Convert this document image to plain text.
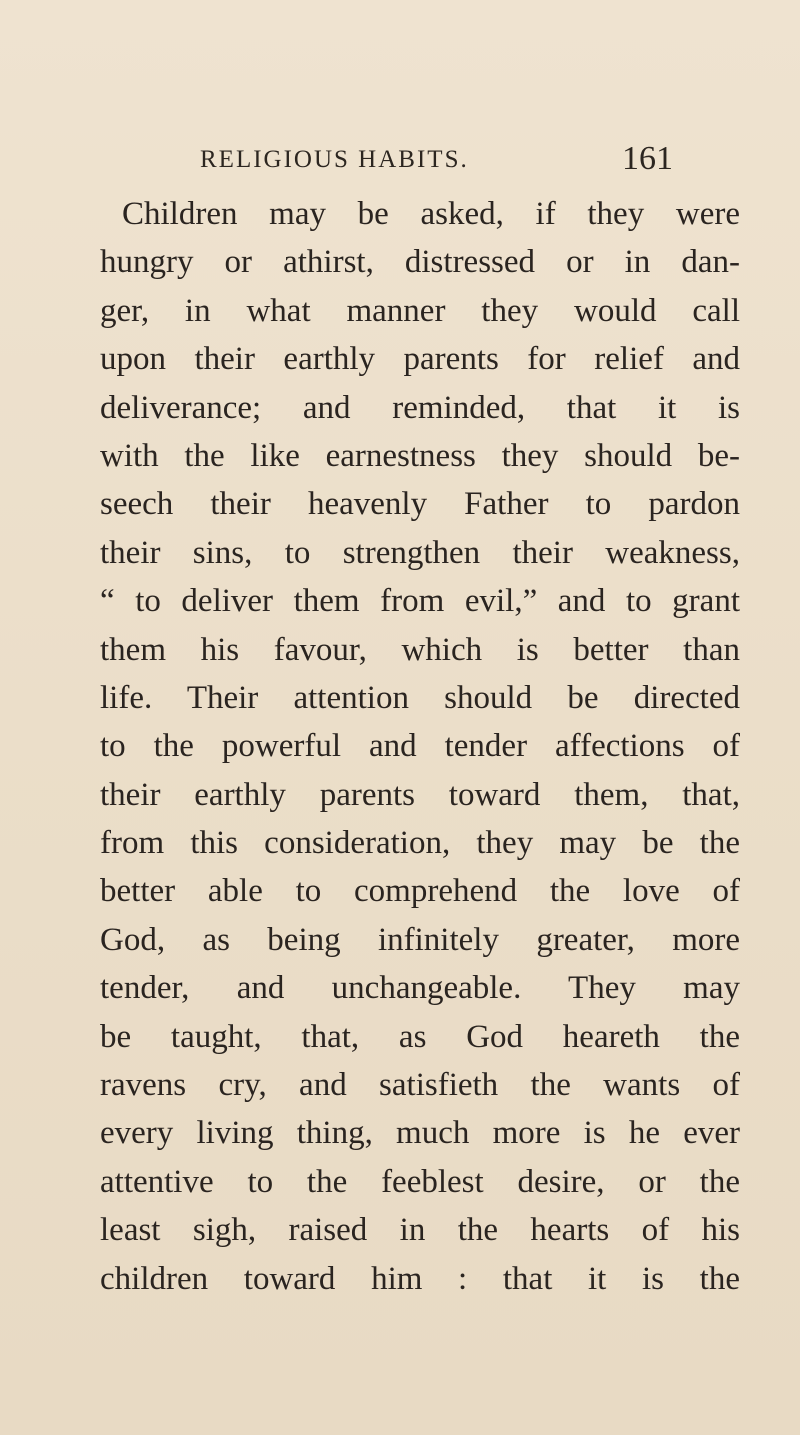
RELIGIOUS HABITS.	161
Children may be asked, if they were
hungry or athirst, distressed or in dan-
ger, in what manner they would call
upon their earthly parents for relief and
deliverance; and reminded, that it is
with the like earnestness they should be-
seech their heavenly Father to pardon
their sins, to strengthen their weakness,
“ to deliver them from evil,” and to grant
them his favour, which is better than
life. Their attention should be directed
to the powerful and tender affections of
their earthly parents toward them, that,
from this consideration, they may be the
better able to comprehend the love of
God, as being infinitely greater, more
tender, and unchangeable. They may
be taught, that, as God heareth the
ravens cry, and satisfieth the wants of
every living thing, much more is he ever
attentive to the feeblest desire, or the
least sigh, raised in the hearts of his
children toward him : that it is the
